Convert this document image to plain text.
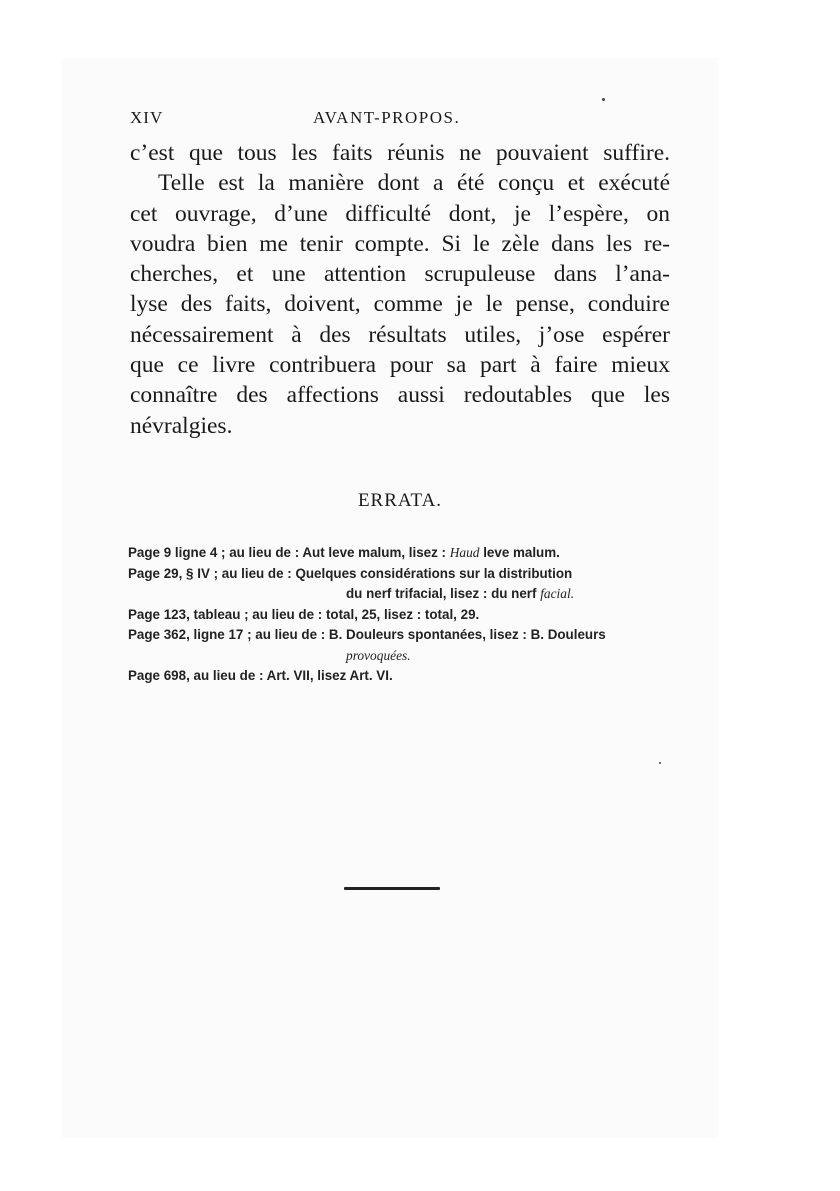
XIV	AVANT-PROPOS.
c’est que tous les faits réunis ne pouvaient suffire.
Telle est la manière dont a été conçu et exécuté
cet ouvrage, d’une difficulté dont, je l’espère, on
voudra bien me tenir compte. Si le zèle dans les re-
cherches, et une attention scrupuleuse dans l’ana-
lyse des faits, doivent, comme je le pense, conduire
nécessairement à des résultats utiles, j’ose espérer
que ce livre contribuera pour sa part à faire mieux
connaître des affections aussi redoutables que les
névralgies.
ERRATA.
Page 9 ligne 4 ; au lieu de : Aut leve malum, lisez : Haud leve malum.
Page 29, § IV ; au lieu de : Quelques considérations sur la distribution
du nerf trifacial, lisez : du nerf facial.
Page 123, tableau ; au lieu de : total, 25, lisez : total, 29.
Page 362, ligne 17 ; au lieu de : B. Douleurs spontanées, lisez : B. Douleurs
provoquées.
Page 698, au lieu de : Art. VII, lisez Art. VI.
